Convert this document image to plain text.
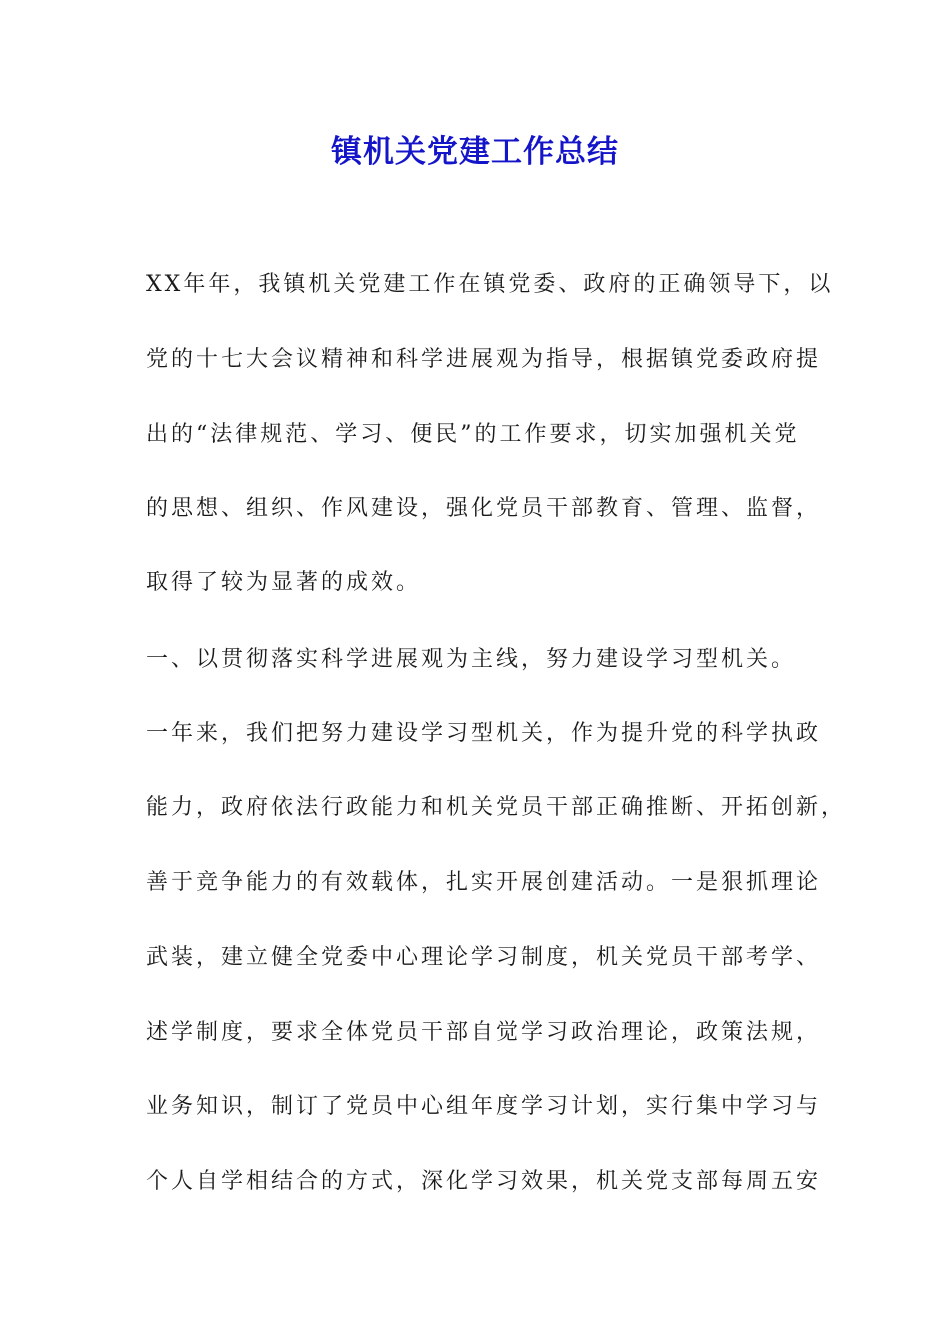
镇机关党建工作总结
XX年年，我镇机关党建工作在镇党委、政府的正确领导下，以
党的十七大会议精神和科学进展观为指导，根据镇党委政府提
出的“法律规范、学习、便民”的工作要求，切实加强机关党
的思想、组织、作风建设，强化党员干部教育、管理、监督，
取得了较为显著的成效。
一、以贯彻落实科学进展观为主线，努力建设学习型机关。
一年来，我们把努力建设学习型机关，作为提升党的科学执政
能力，政府依法行政能力和机关党员干部正确推断、开拓创新，
善于竞争能力的有效载体，扎实开展创建活动。一是狠抓理论
武装，建立健全党委中心理论学习制度，机关党员干部考学、
述学制度，要求全体党员干部自觉学习政治理论，政策法规，
业务知识，制订了党员中心组年度学习计划，实行集中学习与
个人自学相结合的方式，深化学习效果，机关党支部每周五安
